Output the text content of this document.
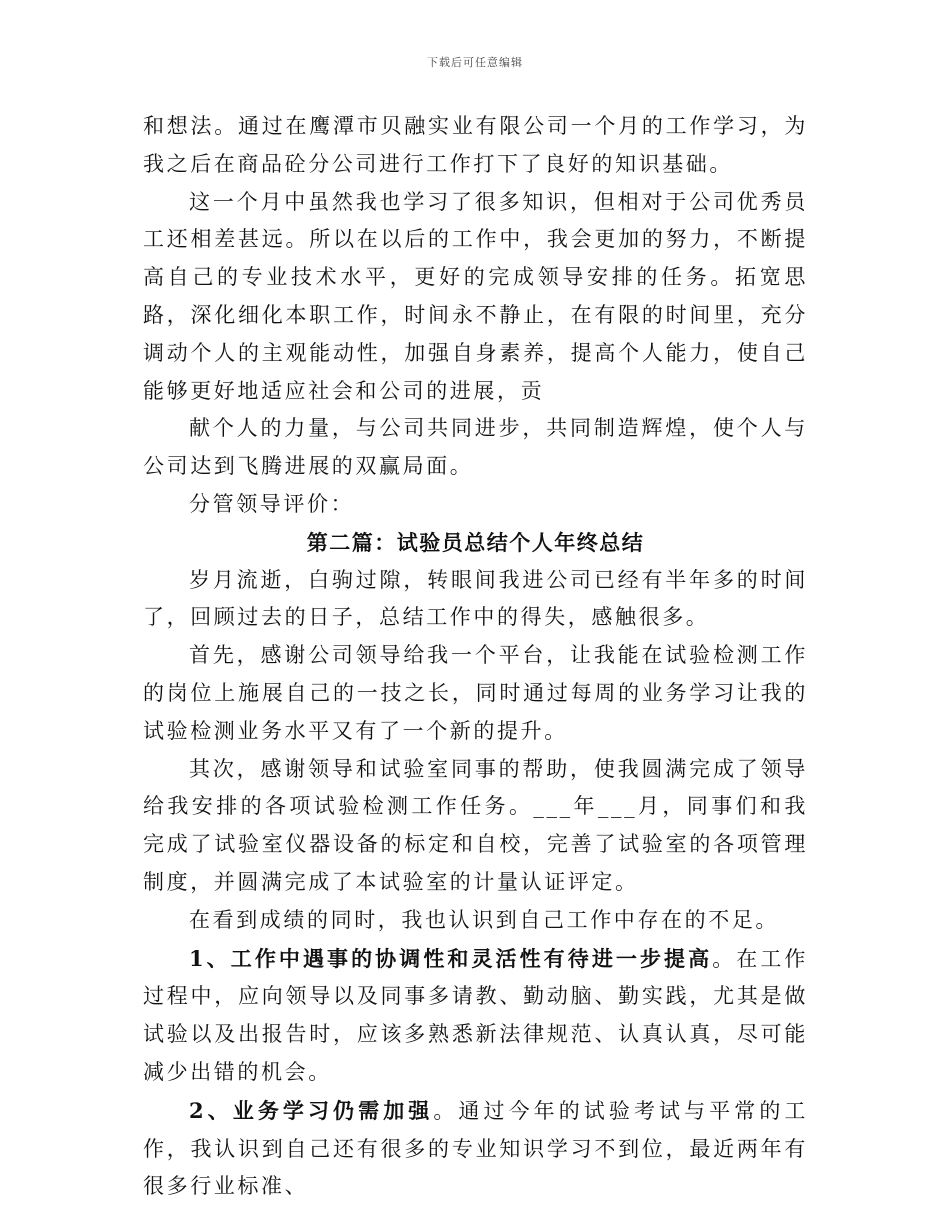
下载后可任意编辑

和想法。通过在鹰潭市贝融实业有限公司一个月的工作学习，为我之后在商品砼分公司进行工作打下了良好的知识基础。

这一个月中虽然我也学习了很多知识，但相对于公司优秀员工还相差甚远。所以在以后的工作中，我会更加的努力，不断提高自己的专业技术水平，更好的完成领导安排的任务。拓宽思路，深化细化本职工作，时间永不静止，在有限的时间里，充分调动个人的主观能动性，加强自身素养，提高个人能力，使自己能够更好地适应社会和公司的进展，贡

献个人的力量，与公司共同进步，共同制造辉煌，使个人与公司达到飞腾进展的双赢局面。

分管领导评价：

第二篇：试验员总结个人年终总结

岁月流逝，白驹过隙，转眼间我进公司已经有半年多的时间了，回顾过去的日子，总结工作中的得失，感触很多。

首先，感谢公司领导给我一个平台，让我能在试验检测工作的岗位上施展自己的一技之长，同时通过每周的业务学习让我的试验检测业务水平又有了一个新的提升。

其次，感谢领导和试验室同事的帮助，使我圆满完成了领导给我安排的各项试验检测工作任务。___年___月，同事们和我完成了试验室仪器设备的标定和自校，完善了试验室的各项管理制度，并圆满完成了本试验室的计量认证评定。

在看到成绩的同时，我也认识到自己工作中存在的不足。

1、工作中遇事的协调性和灵活性有待进一步提高。在工作过程中，应向领导以及同事多请教、勤动脑、勤实践，尤其是做试验以及出报告时，应该多熟悉新法律规范、认真认真，尽可能减少出错的机会。

2、业务学习仍需加强。通过今年的试验考试与平常的工作，我认识到自己还有很多的专业知识学习不到位，最近两年有很多行业标准、
